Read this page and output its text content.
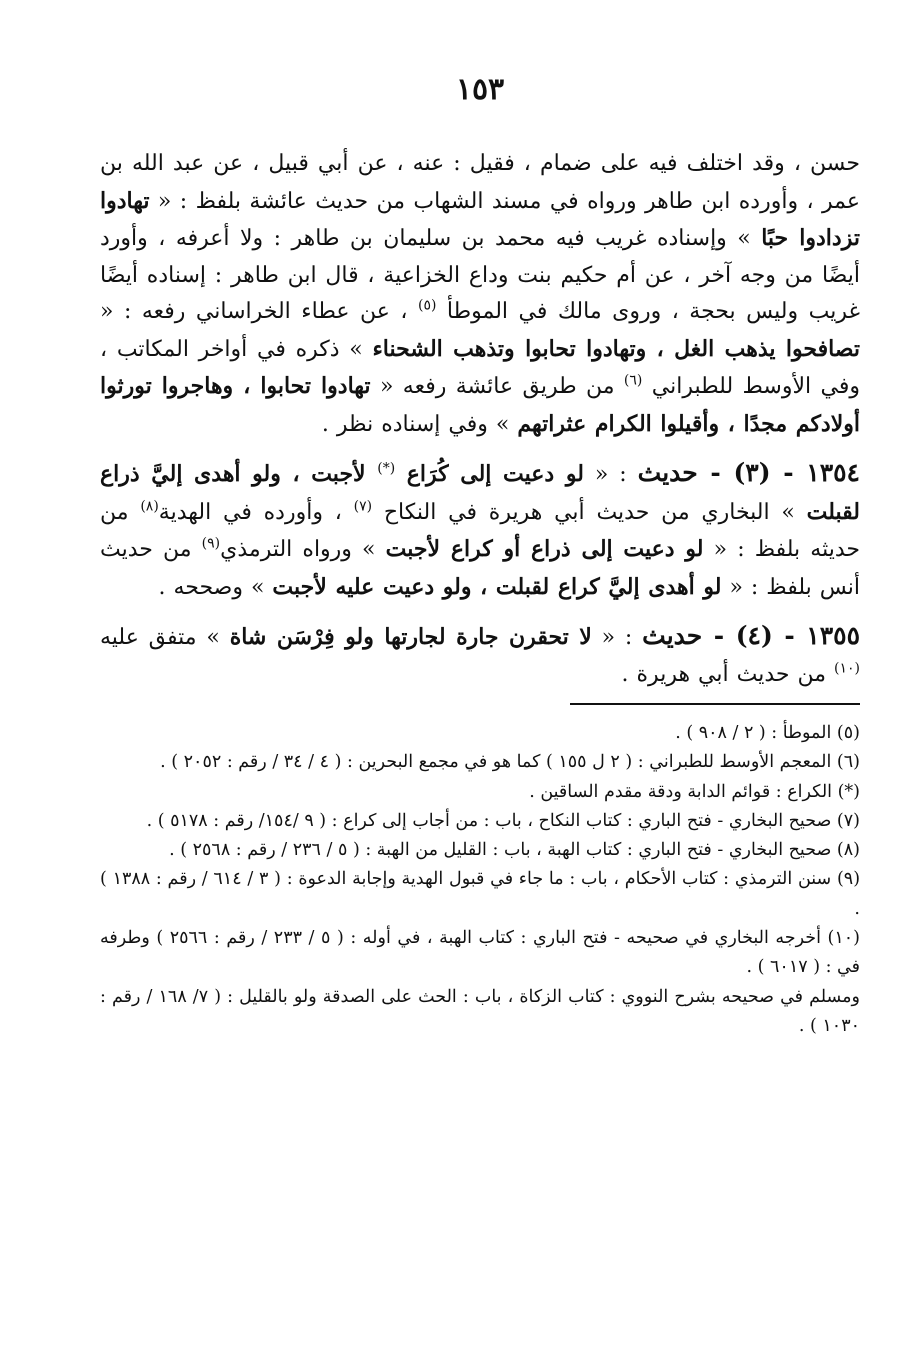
١٥٣

حسن ، وقد اختلف فيه على ضمام ، فقيل : عنه ، عن أبي قبيل ، عن عبد الله بن عمر ، وأورده ابن طاهر ورواه في مسند الشهاب من حديث عائشة بلفظ : « تهادوا تزدادوا حبًا » وإسناده غريب فيه محمد بن سليمان بن طاهر : ولا أعرفه ، وأورد أيضًا من وجه آخر ، عن أم حكيم بنت وداع الخزاعية ، قال ابن طاهر : إسناده أيضًا غريب وليس بحجة ، وروى مالك في الموطأ $^{(٥)}$ ، عن عطاء الخراساني رفعه : « تصافحوا يذهب الغل ، وتهادوا تحابوا وتذهب الشحناء » ذكره في أواخر المكاتب ، وفي الأوسط للطبراني $^{(٦)}$ من طريق عائشة رفعه « تهادوا تحابوا ، وهاجروا تورثوا أولادكم مجدًا ، وأقيلوا الكرام عثراتهم » وفي إسناده نظر .

١٣٥٤ - (٣) - حديث : « لو دعيت إلى كُرَاع (*) لأجبت ، ولو أهدى إليَّ ذراع لقبلت » البخاري من حديث أبي هريرة في النكاح $^{(٧)}$ ، وأورده في الهدية$^{(٨)}$ من حديثه بلفظ : « لو دعيت إلى ذراع أو كراع لأجبت » ورواه الترمذي$^{(٩)}$ من حديث أنس بلفظ : « لو أهدى إليَّ كراع لقبلت ، ولو دعيت عليه لأجبت » وصححه .

١٣٥٥ - (٤) - حديث : « لا تحقرن جارة لجارتها ولو فِرْسَن شاة » متفق عليه $^{(١٠)}$ من حديث أبي هريرة .

(٥) الموطأ : ( ٢ / ٩٠٨ ) .

(٦) المعجم الأوسط للطبراني : ( ٢ ل ١٥٥ ) كما هو في مجمع البحرين : ( ٤ / ٣٤ / رقم : ٢٠٥٢ ) .

(*) الكراع : قوائم الدابة ودقة مقدم الساقين .

(٧) صحيح البخاري - فتح الباري : كتاب النكاح ، باب : من أجاب إلى كراع : ( ٩ /١٥٤/ رقم : ٥١٧٨ ) .

(٨) صحيح البخاري - فتح الباري : كتاب الهبة ، باب : القليل من الهبة : ( ٥ / ٢٣٦ / رقم : ٢٥٦٨ ) .

(٩) سنن الترمذي : كتاب الأحكام ، باب : ما جاء في قبول الهدية وإجابة الدعوة : ( ٣ / ٦١٤ / رقم : ١٣٨٨ ) .

(١٠) أخرجه البخاري في صحيحه - فتح الباري : كتاب الهبة ، في أوله : ( ٥ / ٢٣٣ / رقم : ٢٥٦٦ ) وطرفه في : ( ٦٠١٧ ) .

ومسلم في صحيحه بشرح النووي : كتاب الزكاة ، باب : الحث على الصدقة ولو بالقليل : ( ٧/ ١٦٨ / رقم : ١٠٣٠ ) .
